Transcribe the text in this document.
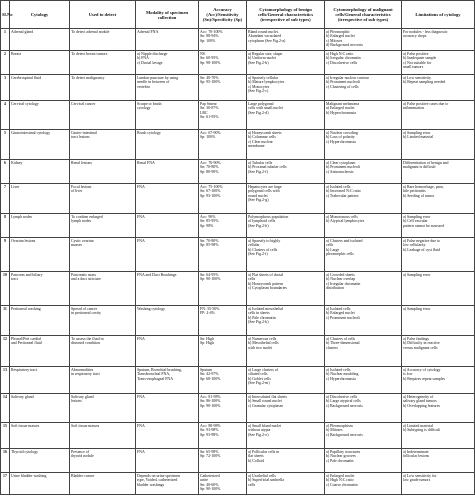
Sl.No	Cytology	Used to detect	Modality of specimen collection	Accuracy (Acc)/Sensitivity (Sn)/Specificity (Sp)	Cytomorphology of benign cells/General characteristics (irrespective of sub types)	Cytomorphology of malignant cells/General characteristics (irrespective of sub types)	Limitations of cytology

1	Adrenal gland	To detect adrenal nodule	Adrenal FNA	Acc: 70-100%
Sn: 88-94%
Sp: 100%	Bland round nuclei.
Abundant vacuolated
cytoplasm (See Fig.2-a)	a) Pleomorphic
b) Enlarged nuclei
c) Mitoses
d) Background necrosis	For nodules - less diagnostic
accuracy drops

2	Breast	To detect breast tumors	a) Nipple discharge
b) FNA
c) Ductal lavage	NS
Sn: 60-95%
Sp: 98-100%	a) Regular size, shape.
b) Uniform nuclei
(See Fig.2-b)	a) High N:C ratio
b) Irregular chromatin
c) Discohesive cells	a) False positive
b) Inadequate sample
c) Not suitable for
small tumors

3	Cerebrospinal fluid	To detect malignancy	Lumbar puncture by using
needle in between of
vertebra	Sn: 40-70%
Sp: 95-100%	a) Sparsely cellular
b) Mature lymphocytes
c) Monocytes
(See Fig.2-c)	a) Irregular nuclear contour
b) Prominent nucleoli
c) Clustering of cells	a) Low sensitivity
b) Repeat sampling needed

4	Cervical cytology	Cervical cancer	Scrape or brush
cytology	Pap Smear
Sn: 30-87%
LBC
Sn: 61-95%	Large polygonal
cells with small nuclei
(See Fig.2-d)	Malignant melanoma
a) Enlarged nuclei
b) Hyperchromasia	a) False positive cases due to
inflammation

5	Gastrointestinal cytology	Gastro-intestinal
tract lesions	Brush cytology	Acc: 67-90%
Sp: 100%	a) Honeycomb sheets
b) Columnar cells
c) Clear nuclear
membrane	a) Nuclear crowding
b) Loss of polarity
c) Hyperchromasia	a) Sampling error
b) Limited material

6	Kidney	Renal lesions	Renal FNA	Acc: 70-90%
Sn: 70-80%
Sp: 80-90%	a) Tubular cells
b) Proximal tubular cells
(See Fig.2-f)	a) Clear cytoplasm
b) Prominent nucleoli
c) Anisonucleosis	Differentiation of benign and
malignant is difficult

7	Liver	Focal lesions
of liver	FNA	Acc: 75-100%
Sn: 67-100%
Sp: 93-100%	Hepatocytes are large
polygonal cells with
round nuclei
(See Fig.2-g)	a) Isolated cells
b) Increased N:C ratio
c) Trabecular pattern	a) Rare hemorrhage, pain,
bile peritonitis
b) Seeding of tumor

8	Lymph nodes	To confirm enlarged
lymph nodes	FNA	Acc: 90%
Sn: 85-95%
Sp: 98%	Polymorphous population
of lymphoid cells
(See Fig.2-h)	a) Monotonous cells
b) Atypical lymphocytes	a) Sampling error
b) Cell vascular
pattern cannot be assessed

9	Ovarian lesions	Cystic ovarian
masses	FNA	Sn: 70-80%
Sp: 85-98%	a) Sparsely to highly
cellular
b) Clusters of cells
(See Fig.2-i)	a) Clusters and isolated
cells
b) Large
pleomorphic cells	a) False negative due to
low cellularity
b) Leakage of cyst fluid

10	Pancreas and biliary
tract	Pancreatic mass
and a duct stricture	FNA and Duct Brushings	Sn: 64-95%
Sp: 90-100%	a) Flat sheets of ductal
cells
b) Honeycomb pattern
c) Cytoplasm boundaries	a) Crowded sheets
b) Nuclear overlap
c) Irregular chromatin
distribution	a) Sampling error

11	Peritoneal washing	Spread of cancer
in peritoneal cavity	Washing cytology	FN: 35-50%
FP: 2-4%	a) Isolated mesothelial
cells in sheets
b) Pale chromatin
(See Fig.2-k)	a) Isolated cells
b) Enlarged nuclei
c) Prominent nucleoli	a) Sampling error

12	Pleural/Peri cardial
and Peritoneal fluid	To assess the fluid in
diseased condition	FNA	Sn: High
Sp: High	a) Numerous cells
b) Mesothelial cells
with two nuclei	a) Clusters of cells
b) Three-dimensional
clusters	a) False findings
b) Difficulty in reactive
versus malignant cells

13	Respiratory tract	Abnormalities
in respiratory tract	Sputum, Bronchial brushing,
Transbronchial FNA,
Trans-esophageal FNA	Sputum
Sn: 42-97%
Sp: 68-100%	a) Large clusters of
ciliated cells
b) Goblet cells
(See Fig.2-m)	a) Isolated cells
b) Nuclear moulding
c) Hyperchromasia	a) Accuracy of cytology
is low
b) Requires repeat samples

14	Salivary gland	Salivary gland
lesions	FNA	Acc: 81-98%
Sn: 86-100%
Sp: 90-100%	a) Intercalated flat sheets
b) Small round nuclei
c) Granular cytoplasm	a) Discohesive cells
b) Large atypical cells
c) Background necrosis	a) Heterogeneity of
salivary gland tumors
b) Overlapping features

15	Soft tissue masses	Soft tissue masses	FNA	Acc: 88-98%
Sn: 93-98%
Sp: 93-98%	a) Small bland nuclei
without atypia
(See Fig.2-o)	a) Pleomorphism
b) Mitoses
c) Background necrosis	a) Limited material
b) Subtyping is difficult

16	Thyroid cytology	Presence of
thyroid nodule	FNA	Sn: 65-98%
Sp: 72-100%	a) Follicular cells in
flat sheets
b) Colloid	a) Papillary structures
b) Nuclear grooves
c) Pale chromatin	a) Indeterminate
follicular lesions

17	Urine bladder washing	Bladder cancer	Depends on urine specimen
type, Voided, catheterized
bladder washings	Catheterized
urine
Sn: 40-60%
Sp: 90-100%	a) Urothelial cells
b) Superficial umbrella
cells	a) Enlarged nuclei
b) High N:C ratio
c) Coarse chromatin	a) Low sensitivity for
low grade tumors
